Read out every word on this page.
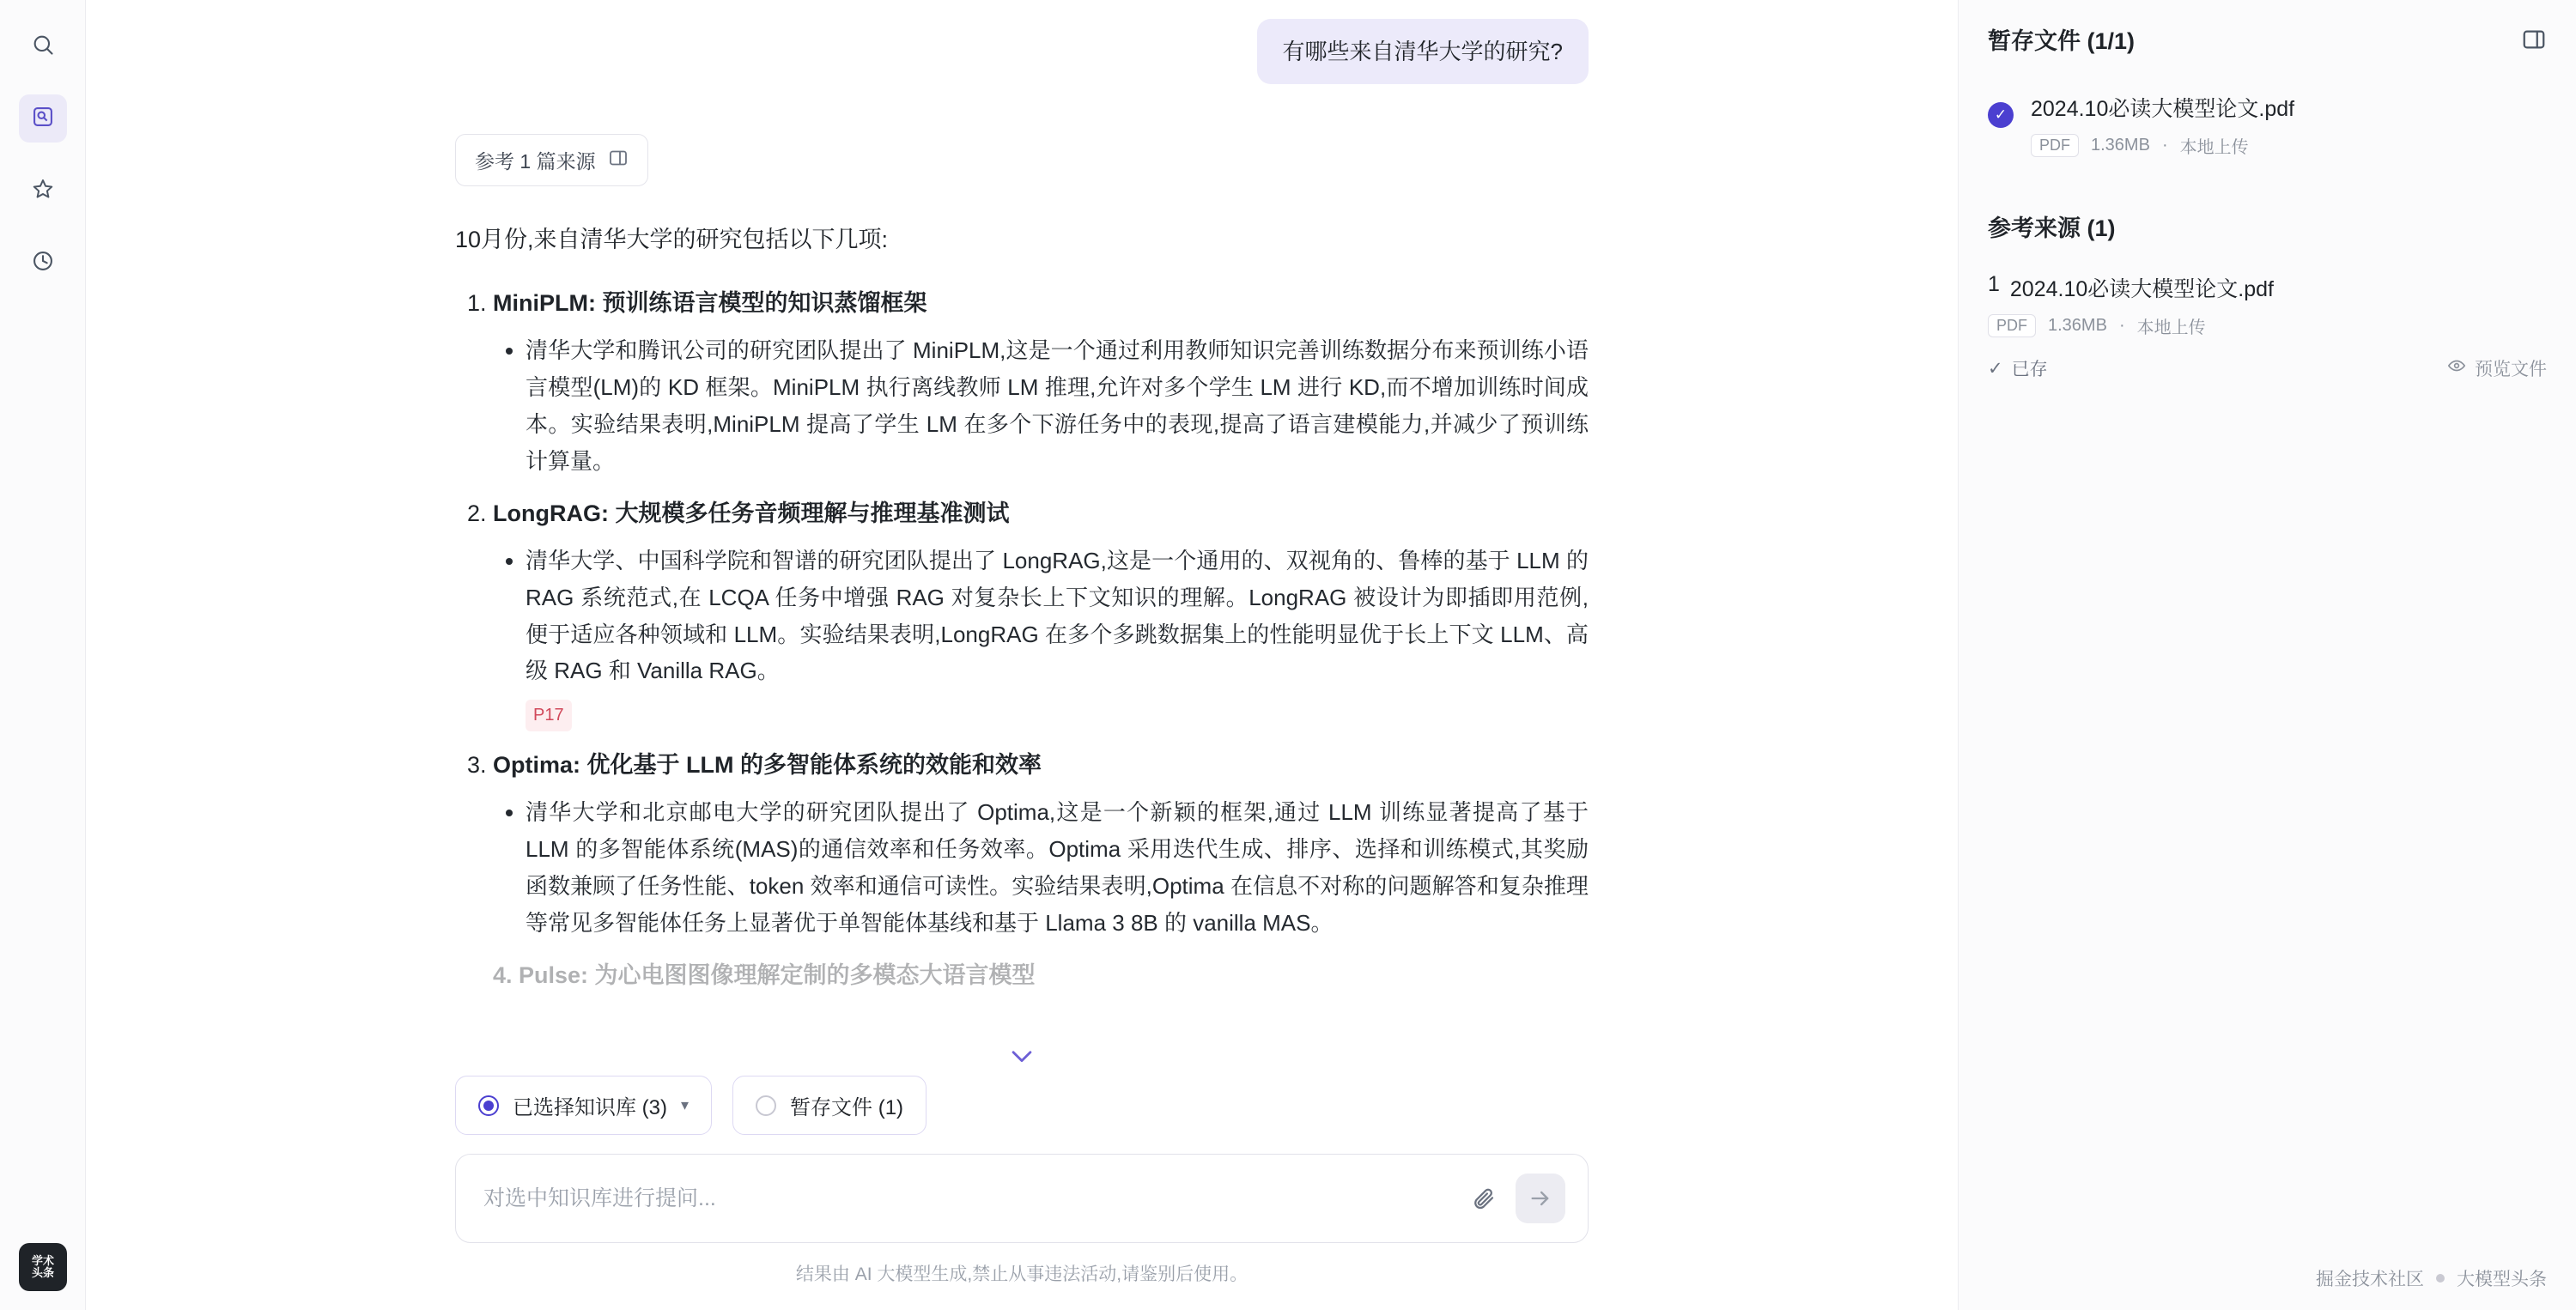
学术
头条
有哪些来自清华大学的研究?
参考 1 篇来源
10月份,来自清华大学的研究包括以下几项:
1. MiniPLM: 预训练语言模型的知识蒸馏框架
• 清华大学和腾讯公司的研究团队提出了 MiniPLM,这是一个通过利用教师知识完善训练数据分布来预训练小语言模型(LM)的 KD 框架。MiniPLM 执行离线教师 LM 推理,允许对多个学生 LM 进行 KD,而不增加训练时间成本。实验结果表明,MiniPLM 提高了学生 LM 在多个下游任务中的表现,提高了语言建模能力,并减少了预训练计算量。
2. LongRAG: 大规模多任务音频理解与推理基准测试
• 清华大学、中国科学院和智谱的研究团队提出了 LongRAG,这是一个通用的、双视角的、鲁棒的基于 LLM 的 RAG 系统范式,在 LCQA 任务中增强 RAG 对复杂长上下文知识的理解。LongRAG 被设计为即插即用范例,便于适应各种领域和 LLM。实验结果表明,LongRAG 在多个多跳数据集上的性能明显优于长上下文 LLM、高级 RAG 和 Vanilla RAG。
P17
3. Optima: 优化基于 LLM 的多智能体系统的效能和效率
• 清华大学和北京邮电大学的研究团队提出了 Optima,这是一个新颖的框架,通过 LLM 训练显著提高了基于 LLM 的多智能体系统(MAS)的通信效率和任务效率。Optima 采用迭代生成、排序、选择和训练模式,其奖励函数兼顾了任务性能、token 效率和通信可读性。实验结果表明,Optima 在信息不对称的问题解答和复杂推理等常见多智能体任务上显著优于单智能体基线和基于 Llama 3 8B 的 vanilla MAS。
4. Pulse: 为心电图图像理解定制的多模态大语言模型
已选择知识库 (3) ▾	暂存文件 (1)
对选中知识库进行提问...
结果由 AI 大模型生成,禁止从事违法活动,请鉴别后使用。
暂存文件 (1/1)
✓	2024.10必读大模型论文.pdf
PDF	1.36MB · 本地上传
参考来源 (1)
1 2024.10必读大模型论文.pdf
PDF	1.36MB · 本地上传
✓ 已存	预览文件
掘金技术社区 大模型头条
